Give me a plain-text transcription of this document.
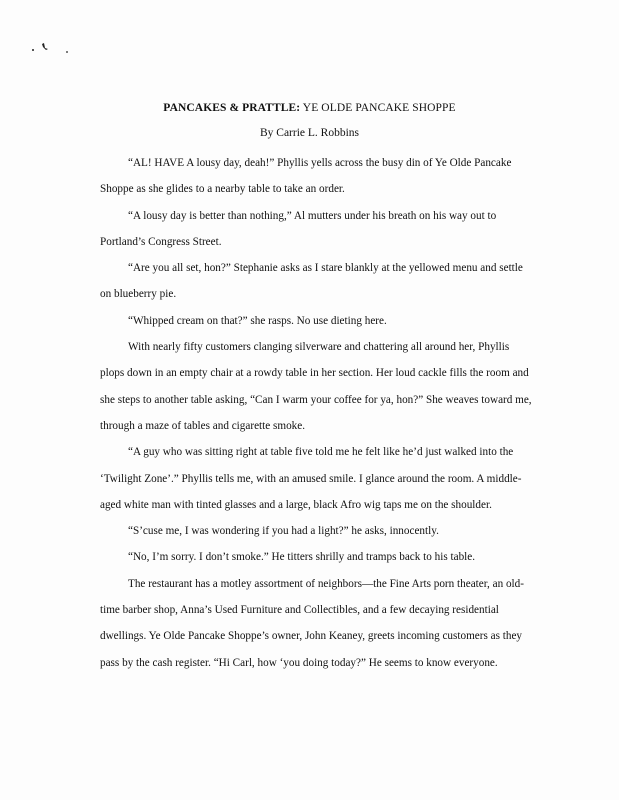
PANCAKES & PRATTLE: YE OLDE PANCAKE SHOPPE
By Carrie L. Robbins

“AL! HAVE A lousy day, deah!” Phyllis yells across the busy din of Ye Olde Pancake Shoppe as she glides to a nearby table to take an order.

“A lousy day is better than nothing,” Al mutters under his breath on his way out to Portland’s Congress Street.

“Are you all set, hon?” Stephanie asks as I stare blankly at the yellowed menu and settle on blueberry pie.

“Whipped cream on that?” she rasps. No use dieting here.

With nearly fifty customers clanging silverware and chattering all around her, Phyllis plops down in an empty chair at a rowdy table in her section. Her loud cackle fills the room and she steps to another table asking, “Can I warm your coffee for ya, hon?” She weaves toward me, through a maze of tables and cigarette smoke.

“A guy who was sitting right at table five told me he felt like he’d just walked into the ‘Twilight Zone’.” Phyllis tells me, with an amused smile. I glance around the room. A middle-aged white man with tinted glasses and a large, black Afro wig taps me on the shoulder.

“S’cuse me, I was wondering if you had a light?” he asks, innocently.

“No, I’m sorry. I don’t smoke.” He titters shrilly and tramps back to his table.

The restaurant has a motley assortment of neighbors—the Fine Arts porn theater, an old-time barber shop, Anna’s Used Furniture and Collectibles, and a few decaying residential dwellings. Ye Olde Pancake Shoppe’s owner, John Keaney, greets incoming customers as they pass by the cash register. “Hi Carl, how ‘you doing today?” He seems to know everyone.
